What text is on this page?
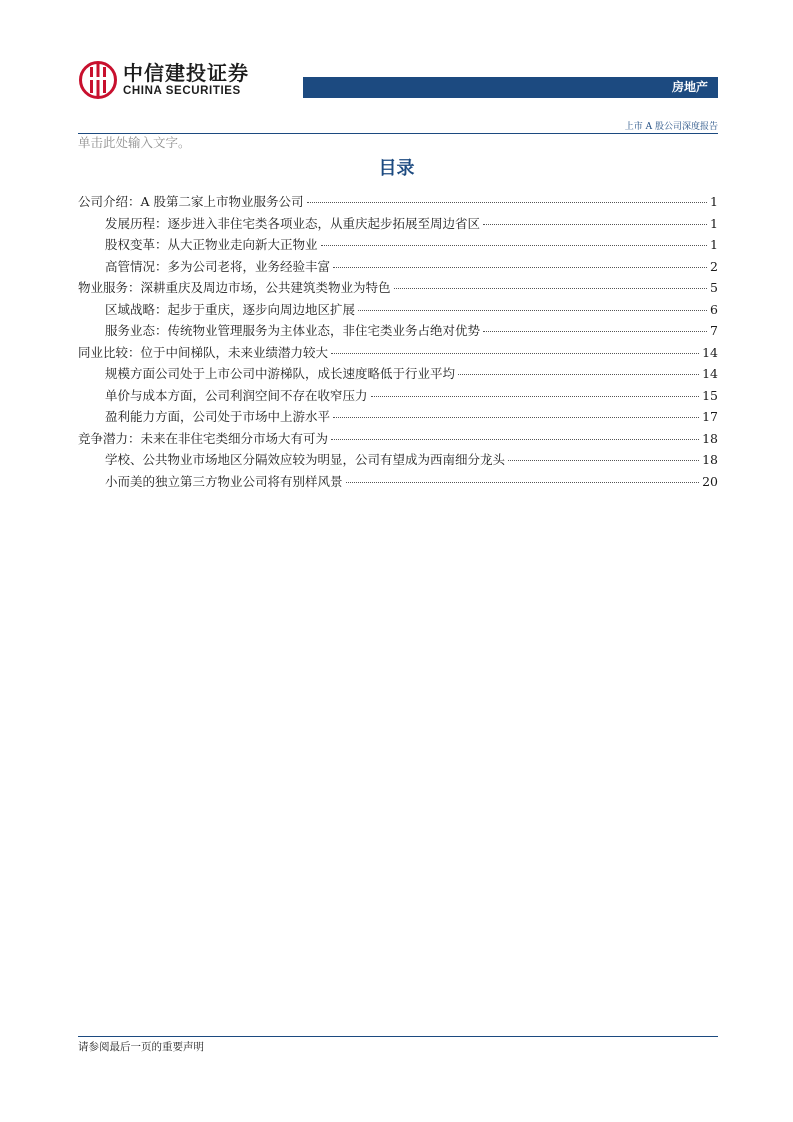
中信建投证券
CHINA SECURITIES	房地产
上市 A 股公司深度报告
单击此处输入文字。
目录
公司介绍：A 股第二家上市物业服务公司	1
发展历程：逐步进入非住宅类各项业态，从重庆起步拓展至周边省区	1
股权变革：从大正物业走向新大正物业	1
高管情况：多为公司老将，业务经验丰富	2
物业服务：深耕重庆及周边市场，公共建筑类物业为特色	5
区域战略：起步于重庆，逐步向周边地区扩展	6
服务业态：传统物业管理服务为主体业态，非住宅类业务占绝对优势	7
同业比较：位于中间梯队，未来业绩潜力较大	14
规模方面公司处于上市公司中游梯队，成长速度略低于行业平均	14
单价与成本方面，公司利润空间不存在收窄压力	15
盈利能力方面，公司处于市场中上游水平	17
竞争潜力：未来在非住宅类细分市场大有可为	18
学校、公共物业市场地区分隔效应较为明显，公司有望成为西南细分龙头	18
小而美的独立第三方物业公司将有别样风景	20
请参阅最后一页的重要声明
